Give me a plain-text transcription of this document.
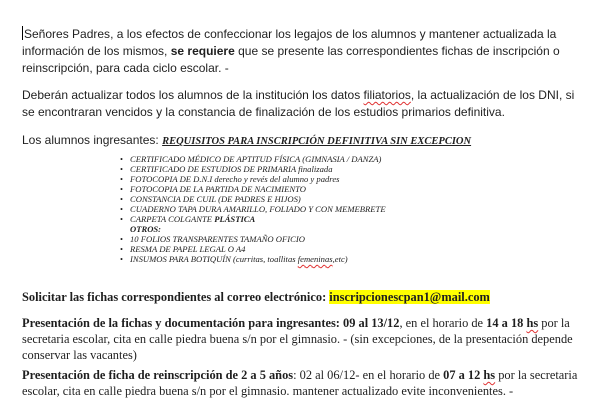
Señores Padres, a los efectos de confeccionar los legajos de los alumnos y mantener actualizada la información de los mismos, se requiere que se presente las correspondientes fichas de inscripción o reinscripción, para cada ciclo escolar. -
Deberán actualizar todos los alumnos de la institución los datos filiatorios, la actualización de los DNI, si se encontraran vencidos y la constancia de finalización de los estudios primarios definitiva.
Los alumnos ingresantes: REQUISITOS PARA INSCRIPCIÓN DEFINITIVA SIN EXCEPCION
• CERTIFICADO MÉDICO DE APTITUD FÍSICA (GIMNASIA / DANZA)
• CERTIFICADO DE ESTUDIOS DE PRIMARIA finalizada
• FOTOCOPIA DE D.N.I derecho y revés del alumno y padres
• FOTOCOPIA DE LA PARTIDA DE NACIMIENTO
• CONSTANCIA DE CUIL (DE PADRES E HIJOS)
• CUADERNO TAPA DURA AMARILLO, FOLIADO Y CON MEMEBRETE
• CARPETA COLGANTE PLÁSTICA
OTROS:
• 10 FOLIOS TRANSPARENTES TAMAÑO OFICIO
• RESMA DE PAPEL LEGAL O A4
• INSUMOS PARA BOTIQUÍN (curritas, toallitas femeninas,etc)
Solicitar las fichas correspondientes al correo electrónico: inscripcionescpan1@mail.com
Presentación de la fichas y documentación para ingresantes: 09 al 13/12, en el horario de 14 a 18 hs por la secretaria escolar, cita en calle piedra buena s/n por el gimnasio. - (sin excepciones, de la presentación depende conservar las vacantes)
Presentación de ficha de reinscripción de 2 a 5 años: 02 al 06/12- en el horario de 07 a 12 hs por la secretaria escolar, cita en calle piedra buena s/n por el gimnasio. mantener actualizado evite inconvenientes. -
